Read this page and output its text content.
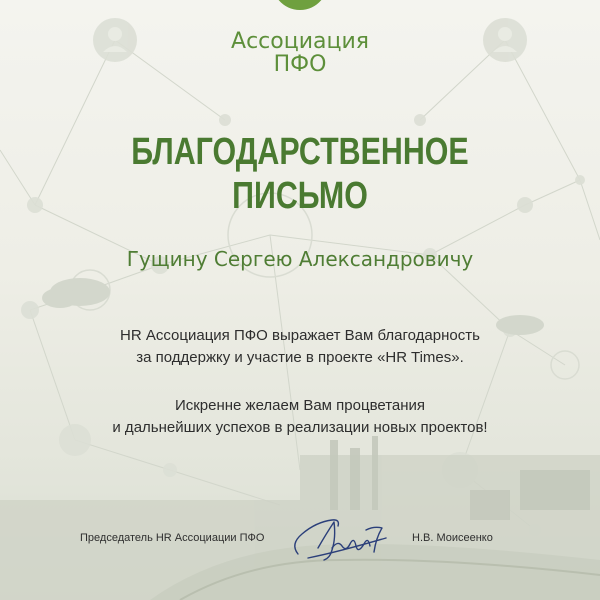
Ассоциация
ПФО
БЛАГОДАРСТВЕННОЕ ПИСЬМО
Гущину Сергею Александровичу
HR Ассоциация ПФО выражает Вам благодарность
за поддержку и участие в проекте «HR Times».
Искренне желаем Вам процветания
и дальнейших успехов в реализации новых проектов!
Председатель HR Ассоциации ПФО	Н.В. Моисеенко
